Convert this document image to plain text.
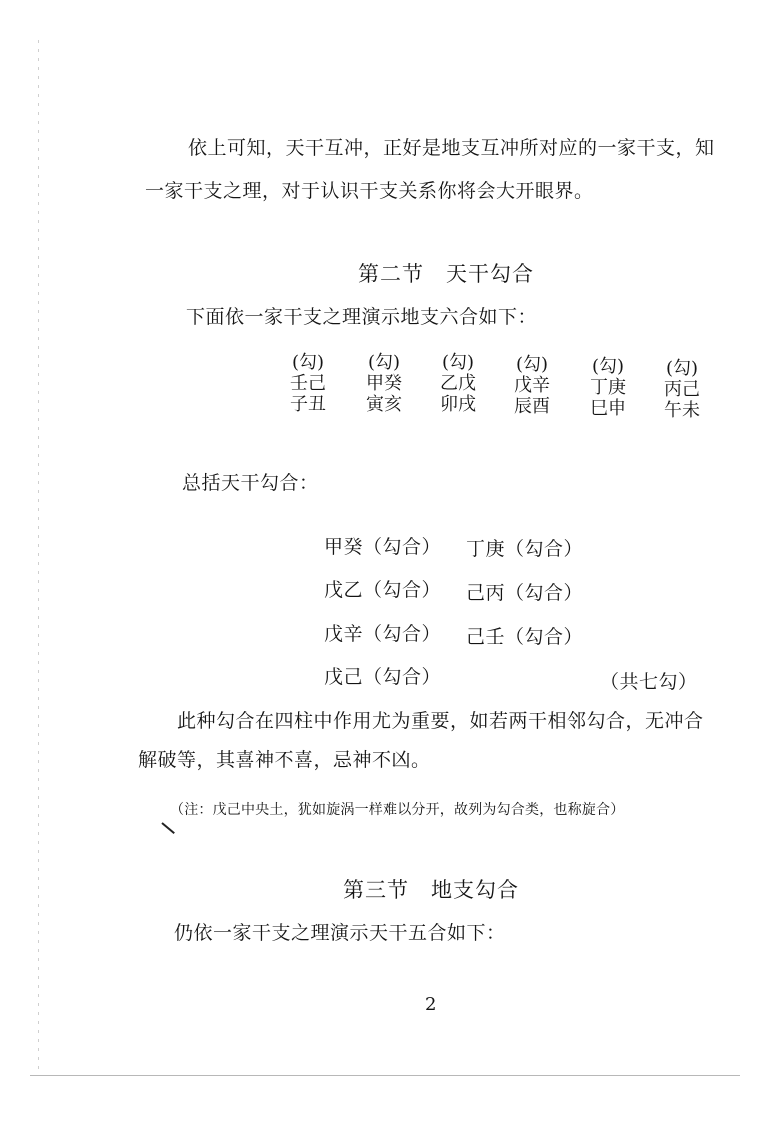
依上可知，天干互冲，正好是地支互冲所对应的一家干支，知
一家干支之理，对于认识干支关系你将会大开眼界。
第二节　天干勾合
下面依一家干支之理演示地支六合如下：
(勾)
壬己
子丑
(勾)
甲癸
寅亥
(勾)
乙戊
卯戌
(勾)
戊辛
辰酉
(勾)
丁庚
巳申
(勾)
丙己
午未
总括天干勾合：
甲癸（勾合） 丁庚（勾合）
戊乙（勾合） 己丙（勾合）
戊辛（勾合） 己壬（勾合）
戊己（勾合）	（共七勾）
此种勾合在四柱中作用尤为重要，如若两干相邻勾合，无冲合
解破等，其喜神不喜，忌神不凶。
（注：戊己中央土，犹如旋涡一样难以分开，故列为勾合类，也称旋合）
第三节　地支勾合
仍依一家干支之理演示天干五合如下：
2
